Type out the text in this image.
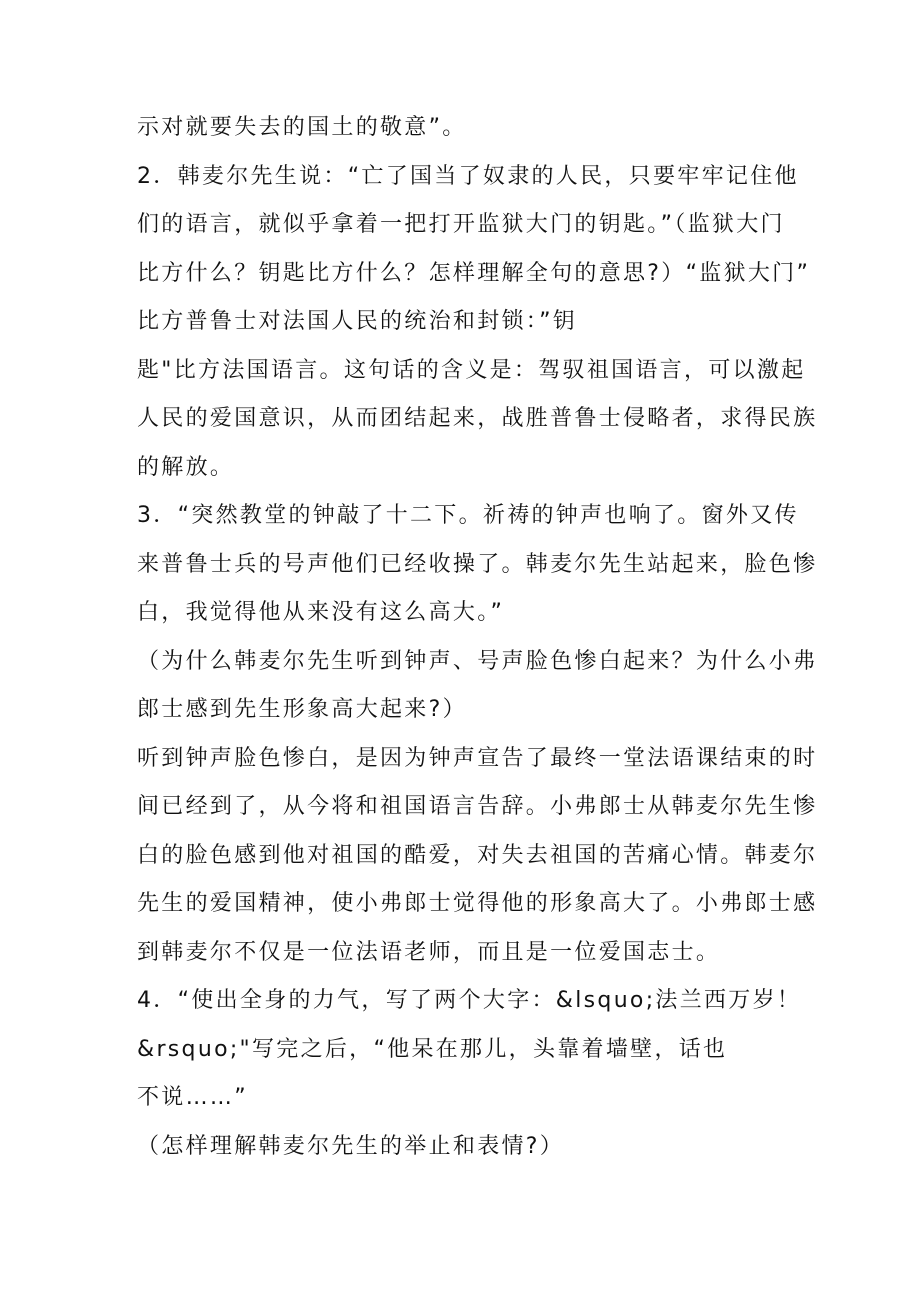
示对就要失去的国土的敬意”。
2．韩麦尔先生说：“亡了国当了奴隶的人民，只要牢牢记住他
们的语言，就似乎拿着一把打开监狱大门的钥匙。”（监狱大门
比方什么？钥匙比方什么？怎样理解全句的意思?）“监狱大门”
比方普鲁士对法国人民的统治和封锁：”钥
匙"比方法国语言。这句话的含义是：驾驭祖国语言，可以激起
人民的爱国意识，从而团结起来，战胜普鲁士侵略者，求得民族
的解放。
3．“突然教堂的钟敲了十二下。祈祷的钟声也响了。窗外又传
来普鲁士兵的号声他们已经收操了。韩麦尔先生站起来，脸色惨
白，我觉得他从来没有这么高大。”
（为什么韩麦尔先生听到钟声、号声脸色惨白起来？为什么小弗
郎士感到先生形象高大起来?）
听到钟声脸色惨白，是因为钟声宣告了最终一堂法语课结束的时
间已经到了，从今将和祖国语言告辞。小弗郎士从韩麦尔先生惨
白的脸色感到他对祖国的酷爱，对失去祖国的苦痛心情。韩麦尔
先生的爱国精神，使小弗郎士觉得他的形象高大了。小弗郎士感
到韩麦尔不仅是一位法语老师，而且是一位爱国志士。
4．“使出全身的力气，写了两个大字：&lsquo;法兰西万岁！
&rsquo;"写完之后，“他呆在那儿，头靠着墙壁，话也
不说……”
（怎样理解韩麦尔先生的举止和表情?）
